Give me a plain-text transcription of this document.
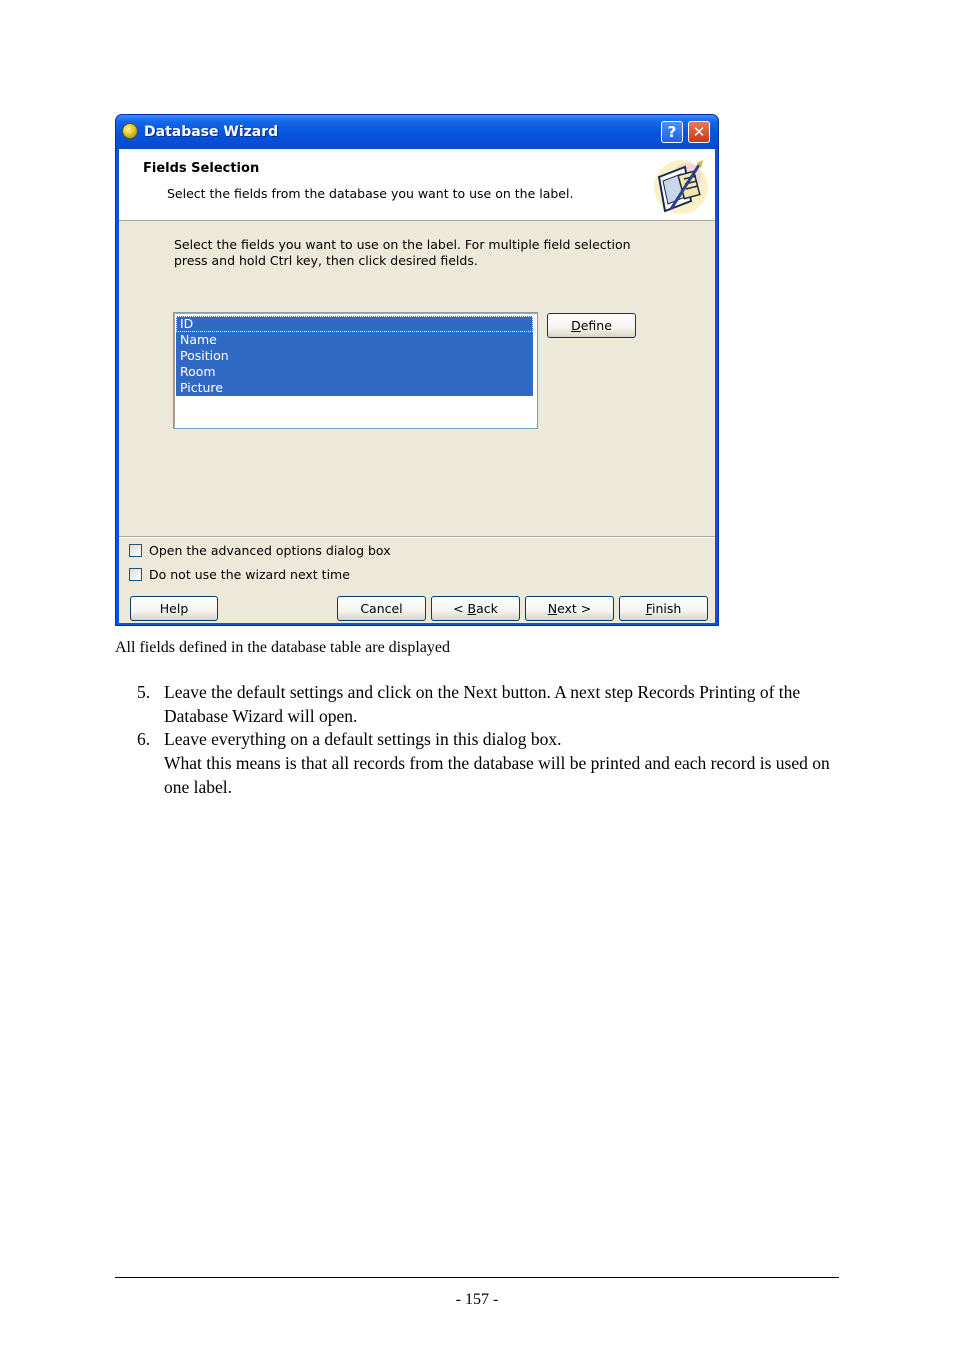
Database Wizard	?	✕
Fields Selection
Select the fields from the database you want to use on the label.
Select the fields you want to use on the label. For multiple field selection press and hold Ctrl key, then click desired fields.
ID
Name
Position
Room
Picture
Define
Open the advanced options dialog box
Do not use the wizard next time
Help	Cancel	< Back	Next >	Finish
All fields defined in the database table are displayed
5. Leave the default settings and click on the Next button. A next step Records Printing of the Database Wizard will open.
6. Leave everything on a default settings in this dialog box.
What this means is that all records from the database will be printed and each record is used on one label.
- 157 -
